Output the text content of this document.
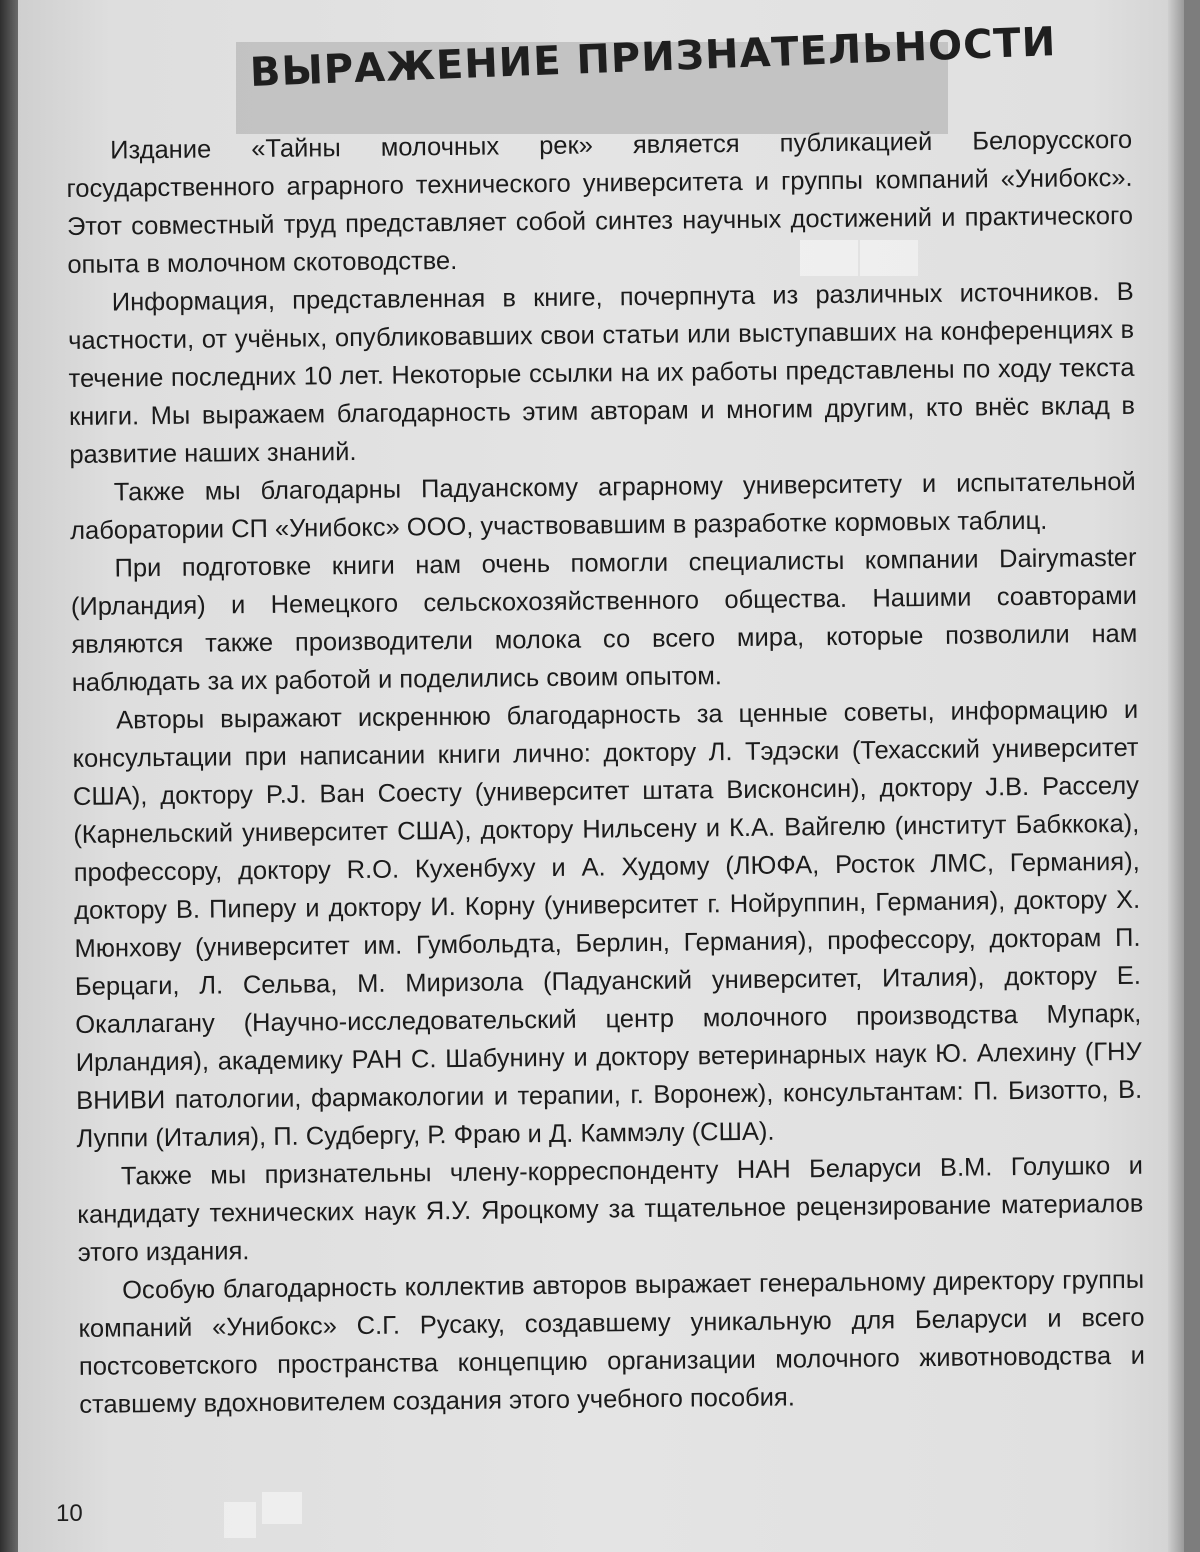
ВЫРАЖЕНИЕ ПРИЗНАТЕЛЬНОСТИ

Издание «Тайны молочных рек» является публикацией Белорусского государственного аграрного технического университета и группы компаний «Унибокс». Этот совместный труд представляет собой синтез научных достижений и практического опыта в молочном скотоводстве.

Информация, представленная в книге, почерпнута из различных источников. В частности, от учёных, опубликовавших свои статьи или выступавших на конференциях в течение последних 10 лет. Некоторые ссылки на их работы представлены по ходу текста книги. Мы выражаем благодарность этим авторам и многим другим, кто внёс вклад в развитие наших знаний.

Также мы благодарны Падуанскому аграрному университету и испытательной лаборатории СП «Унибокс» ООО, участвовавшим в разработке кормовых таблиц.

При подготовке книги нам очень помогли специалисты компании Dairymaster (Ирландия) и Немецкого сельскохозяйственного общества. Нашими соавторами являются также производители молока со всего мира, которые позволили нам наблюдать за их работой и поделились своим опытом.

Авторы выражают искреннюю благодарность за ценные советы, информацию и консультации при написании книги лично: доктору Л. Тэдэски (Техасский университет США), доктору P.J. Ван Соесту (университет штата Висконсин), доктору J.B. Расселу (Карнельский университет США), доктору Нильсену и К.А. Вайгелю (институт Бабккока), профессору, доктору R.O. Кухенбуху и А. Худому (ЛЮФА, Росток ЛМС, Германия), доктору В. Пиперу и доктору И. Корну (университет г. Нойруппин, Германия), доктору Х. Мюнхову (университет им. Гумбольдта, Берлин, Германия), профессору, докторам П. Берцаги, Л. Сельва, М. Миризола (Падуанский университет, Италия), доктору Е. Окаллагану (Научно-исследовательский центр молочного производства Мупарк, Ирландия), академику РАН С. Шабунину и доктору ветеринарных наук Ю. Алехину (ГНУ ВНИВИ патологии, фармакологии и терапии, г. Воронеж), консультантам: П. Бизотто, В. Луппи (Италия), П. Судбергу, Р. Фраю и Д. Каммэлу (США).

Также мы признательны члену-корреспонденту НАН Беларуси В.М. Голушко и кандидату технических наук Я.У. Яроцкому за тщательное рецензирование материалов этого издания.

Особую благодарность коллектив авторов выражает генеральному директору группы компаний «Унибокс» С.Г. Русаку, создавшему уникальную для Беларуси и всего постсоветского пространства концепцию организации молочного животноводства и ставшему вдохновителем создания этого учебного пособия.

10
